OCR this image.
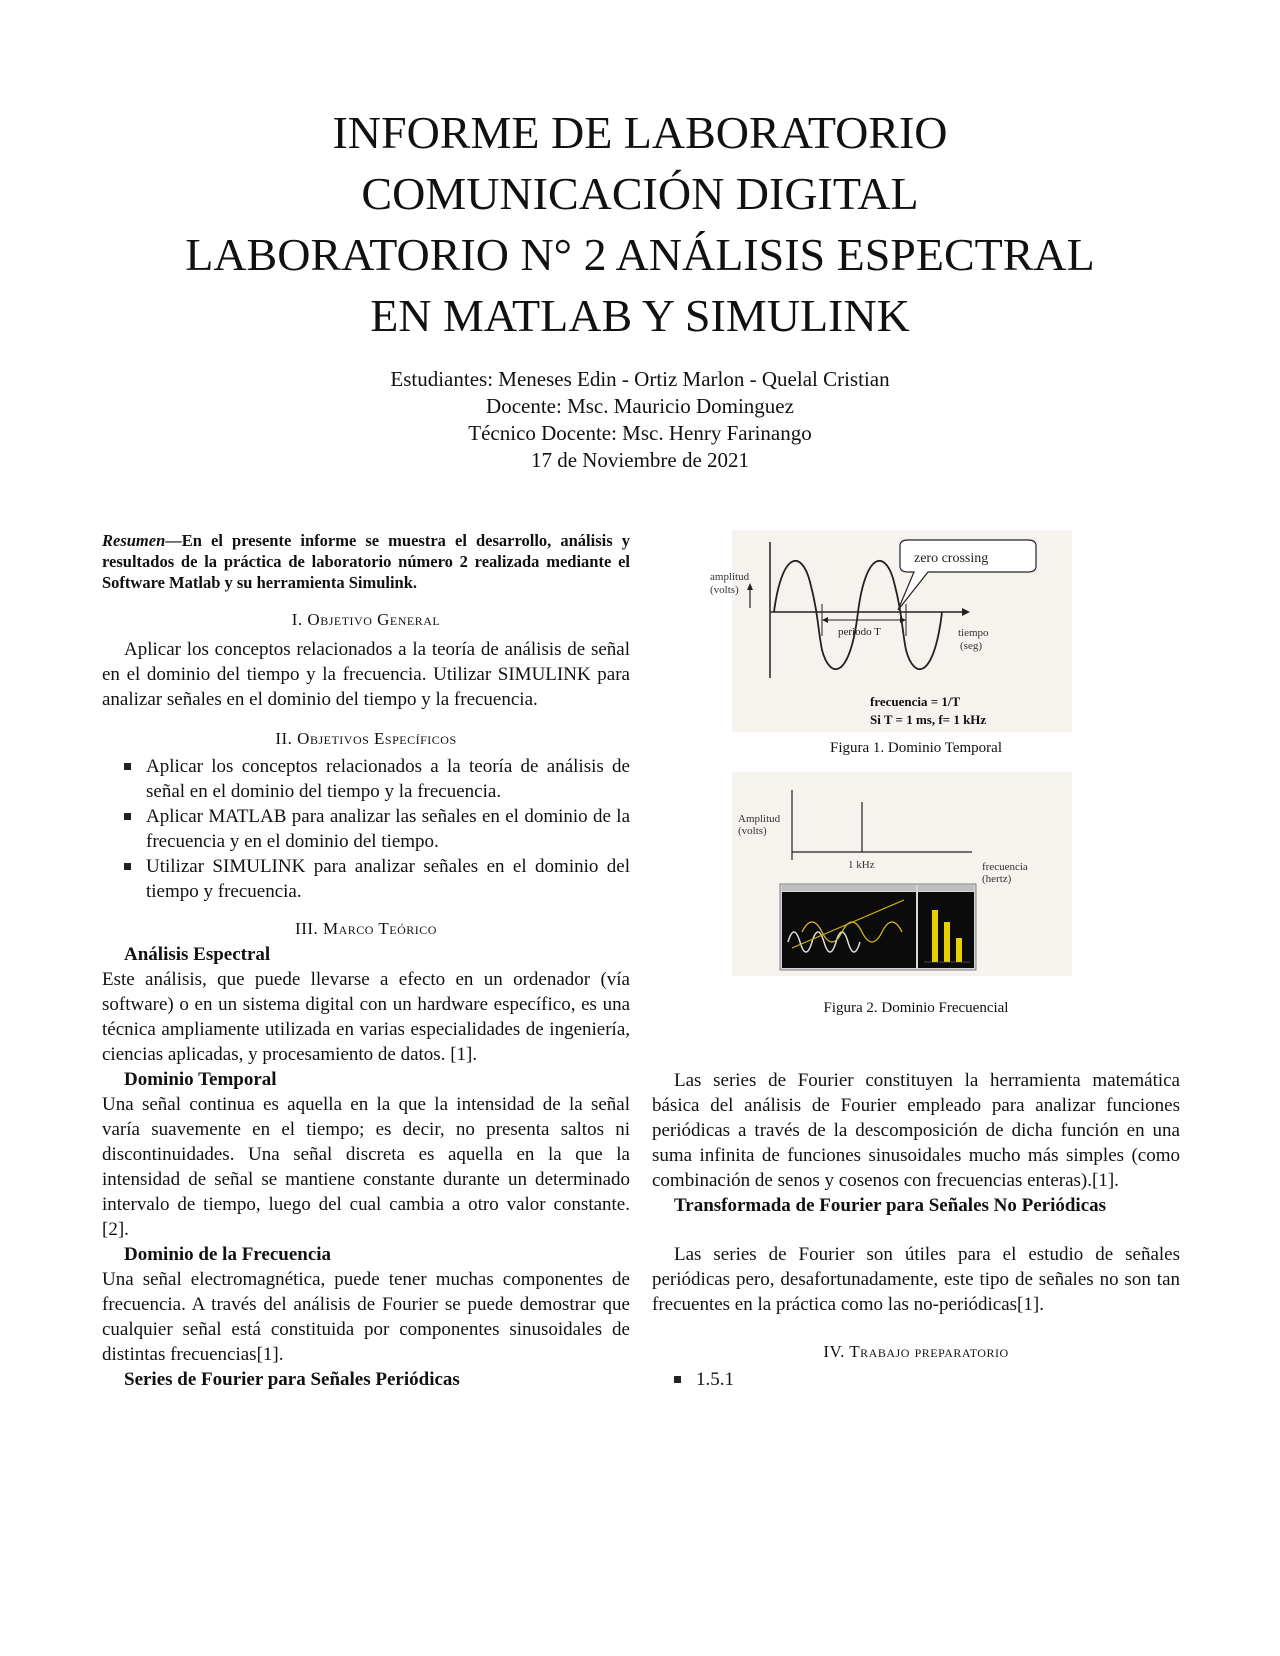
INFORME DE LABORATORIO
COMUNICACIÓN DIGITAL
LABORATORIO N° 2 ANÁLISIS ESPECTRAL
EN MATLAB Y SIMULINK
Estudiantes: Meneses Edin - Ortiz Marlon - Quelal Cristian
Docente: Msc. Mauricio Dominguez
Técnico Docente: Msc. Henry Farinango
17 de Noviembre de 2021

Resumen—En el presente informe se muestra el desarrollo, análisis y resultados de la práctica de laboratorio número 2 realizada mediante el Software Matlab y su herramienta Simulink.

I. Objetivo General

Aplicar los conceptos relacionados a la teoría de análisis de señal en el dominio del tiempo y la frecuencia. Utilizar SIMULINK para analizar señales en el dominio del tiempo y la frecuencia.

II. Objetivos Específicos

Aplicar los conceptos relacionados a la teoría de análisis de señal en el dominio del tiempo y la frecuencia.
Aplicar MATLAB para analizar las señales en el dominio de la frecuencia y en el dominio del tiempo.
Utilizar SIMULINK para analizar señales en el dominio del tiempo y frecuencia.

III. Marco Teórico

Análisis Espectral

Este análisis, que puede llevarse a efecto en un ordenador (vía software) o en un sistema digital con un hardware específico, es una técnica ampliamente utilizada en varias especialidades de ingeniería, ciencias aplicadas, y procesamiento de datos. [1].

Dominio Temporal

Una señal continua es aquella en la que la intensidad de la señal varía suavemente en el tiempo; es decir, no presenta saltos ni discontinuidades. Una señal discreta es aquella en la que la intensidad de señal se mantiene constante durante un determinado intervalo de tiempo, luego del cual cambia a otro valor constante. [2].

Dominio de la Frecuencia

Una señal electromagnética, puede tener muchas componentes de frecuencia. A través del análisis de Fourier se puede demostrar que cualquier señal está constituida por componentes sinusoidales de distintas frecuencias[1].

Series de Fourier para Señales Periódicas

zero crossing
amplitud
(volts)
periodo T	tiempo
(seg)
frecuencia = 1/T
Si T = 1 ms, f= 1 kHz
Figura 1. Dominio Temporal
Amplitud
(volts)
1 kHz	frecuencia
(hertz)
Figura 2. Dominio Frecuencial

Las series de Fourier constituyen la herramienta matemática básica del análisis de Fourier empleado para analizar funciones periódicas a través de la descomposición de dicha función en una suma infinita de funciones sinusoidales mucho más simples (como combinación de senos y cosenos con frecuencias enteras).[1].

Transformada de Fourier para Señales No Periódicas

Las series de Fourier son útiles para el estudio de señales periódicas pero, desafortunadamente, este tipo de señales no son tan frecuentes en la práctica como las no-periódicas[1].

IV. Trabajo preparatorio

1.5.1
